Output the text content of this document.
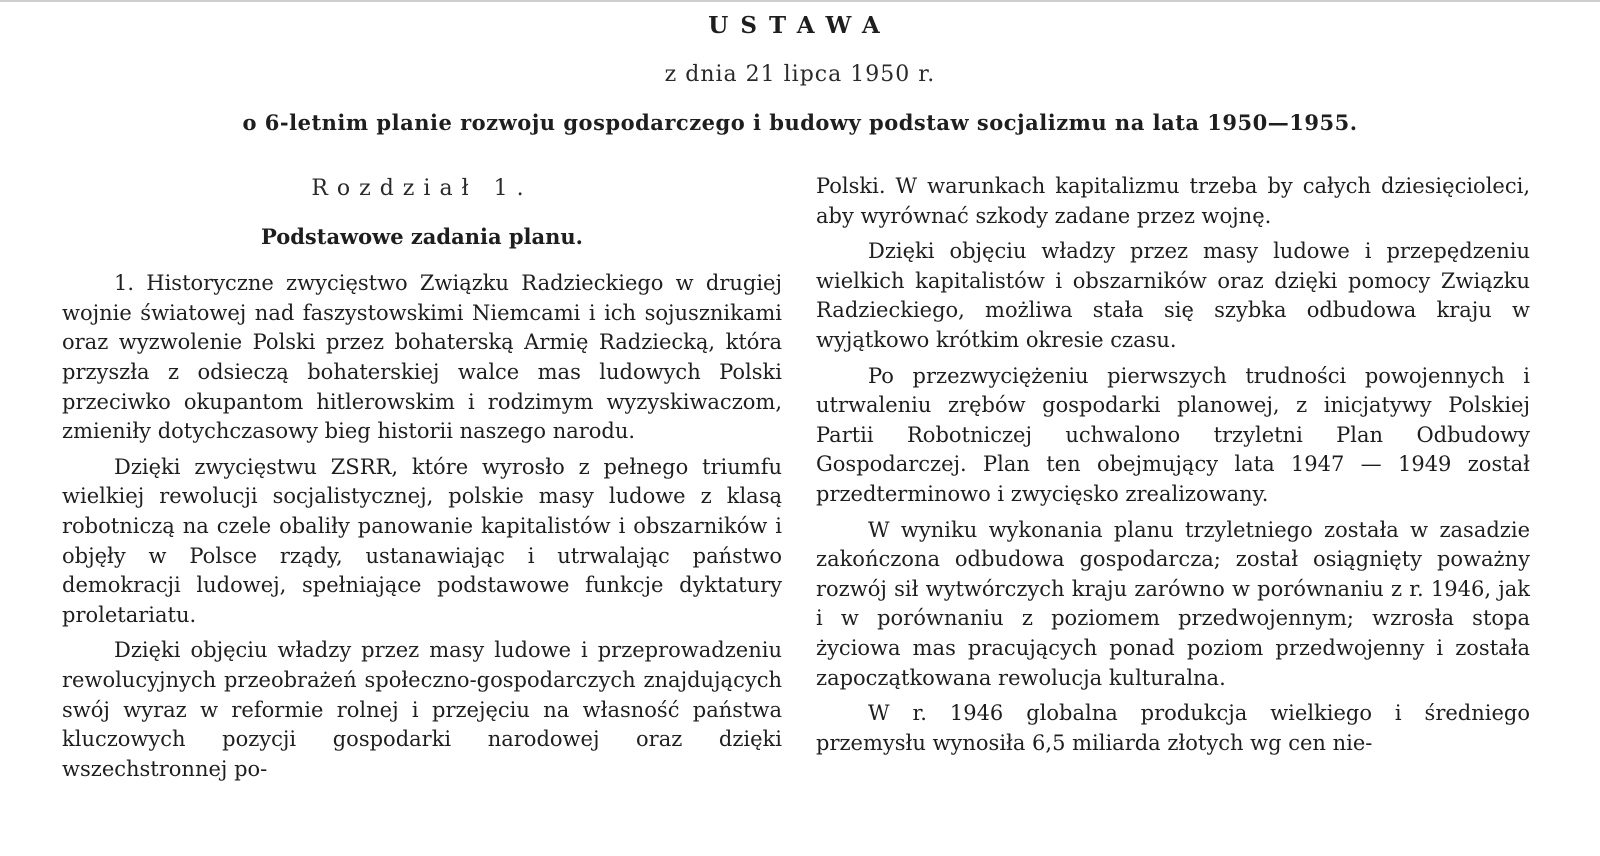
USTAWA
z dnia 21 lipca 1950 r.
o 6-letnim planie rozwoju gospodarczego i budowy podstaw socjalizmu na lata 1950—1955.
Rozdział 1.
Podstawowe zadania planu.

1. Historyczne zwycięstwo Związku Radzieckiego w drugiej wojnie światowej nad faszystowskimi Niemcami i ich sojusznikami oraz wyzwolenie Polski przez bohaterską Armię Radziecką, która przyszła z odsieczą bohaterskiej walce mas ludowych Polski przeciwko okupantom hitlerowskim i rodzimym wyzyskiwaczom, zmieniły dotychczasowy bieg historii naszego narodu.

Dzięki zwycięstwu ZSRR, które wyrosło z pełnego triumfu wielkiej rewolucji socjalistycznej, polskie masy ludowe z klasą robotniczą na czele obaliły panowanie kapitalistów i obszarników i objęły w Polsce rządy, ustanawiając i utrwalając państwo demokracji ludowej, spełniające podstawowe funkcje dyktatury proletariatu.

Dzięki objęciu władzy przez masy ludowe i przeprowadzeniu rewolucyjnych przeobrażeń społeczno-gospodarczych znajdujących swój wyraz w reformie rolnej i przejęciu na własność państwa kluczowych pozycji gospodarki narodowej oraz dzięki wszechstronnej po-

Polski. W warunkach kapitalizmu trzeba by całych dziesięcioleci, aby wyrównać szkody zadane przez wojnę.

Dzięki objęciu władzy przez masy ludowe i przepędzeniu wielkich kapitalistów i obszarników oraz dzięki pomocy Związku Radzieckiego, możliwa stała się szybka odbudowa kraju w wyjątkowo krótkim okresie czasu.

Po przezwyciężeniu pierwszych trudności powojennych i utrwaleniu zrębów gospodarki planowej, z inicjatywy Polskiej Partii Robotniczej uchwalono trzyletni Plan Odbudowy Gospodarczej. Plan ten obejmujący lata 1947 — 1949 został przedterminowo i zwycięsko zrealizowany.

W wyniku wykonania planu trzyletniego została w zasadzie zakończona odbudowa gospodarcza; został osiągnięty poważny rozwój sił wytwórczych kraju zarówno w porównaniu z r. 1946, jak i w porównaniu z poziomem przedwojennym; wzrosła stopa życiowa mas pracujących ponad poziom przedwojenny i została zapoczątkowana rewolucja kulturalna.

W r. 1946 globalna produkcja wielkiego i średniego przemysłu wynosiła 6,5 miliarda złotych wg cen nie-
